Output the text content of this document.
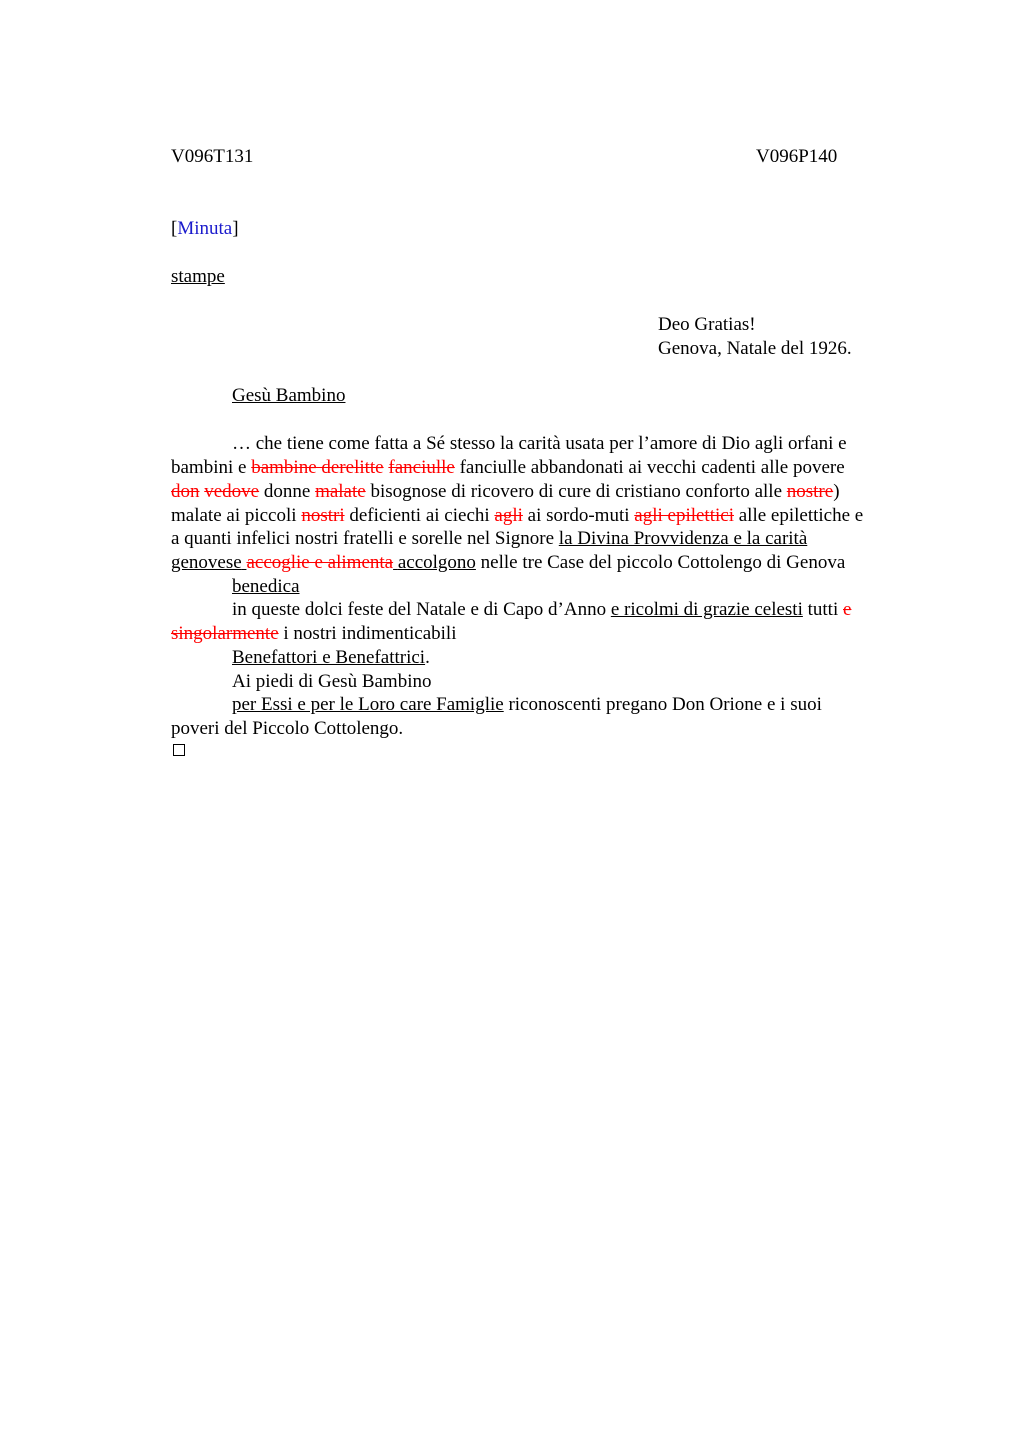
V096T131	V096P140
[Minuta]
stampe
Deo Gratias!
Genova, Natale del 1926.
Gesù Bambino
… che tiene come fatta a Sé stesso la carità usata per l’amore di Dio agli orfani e
bambini e bambine derelitte fanciulle fanciulle abbandonati ai vecchi cadenti alle povere
don vedove donne malate bisognose di ricovero di cure di cristiano conforto alle nostre)
malate ai piccoli nostri deficienti ai ciechi agli ai sordo-muti agli epilettici alle epilettiche e
a quanti infelici nostri fratelli e sorelle nel Signore la Divina Provvidenza e la carità
genovese accoglie e alimenta accolgono nelle tre Case del piccolo Cottolengo di Genova
benedica
in queste dolci feste del Natale e di Capo d’Anno e ricolmi di grazie celesti tutti e
singolarmente i nostri indimenticabili
Benefattori e Benefattrici.
Ai piedi di Gesù Bambino
per Essi e per le Loro care Famiglie riconoscenti pregano Don Orione e i suoi
poveri del Piccolo Cottolengo.
